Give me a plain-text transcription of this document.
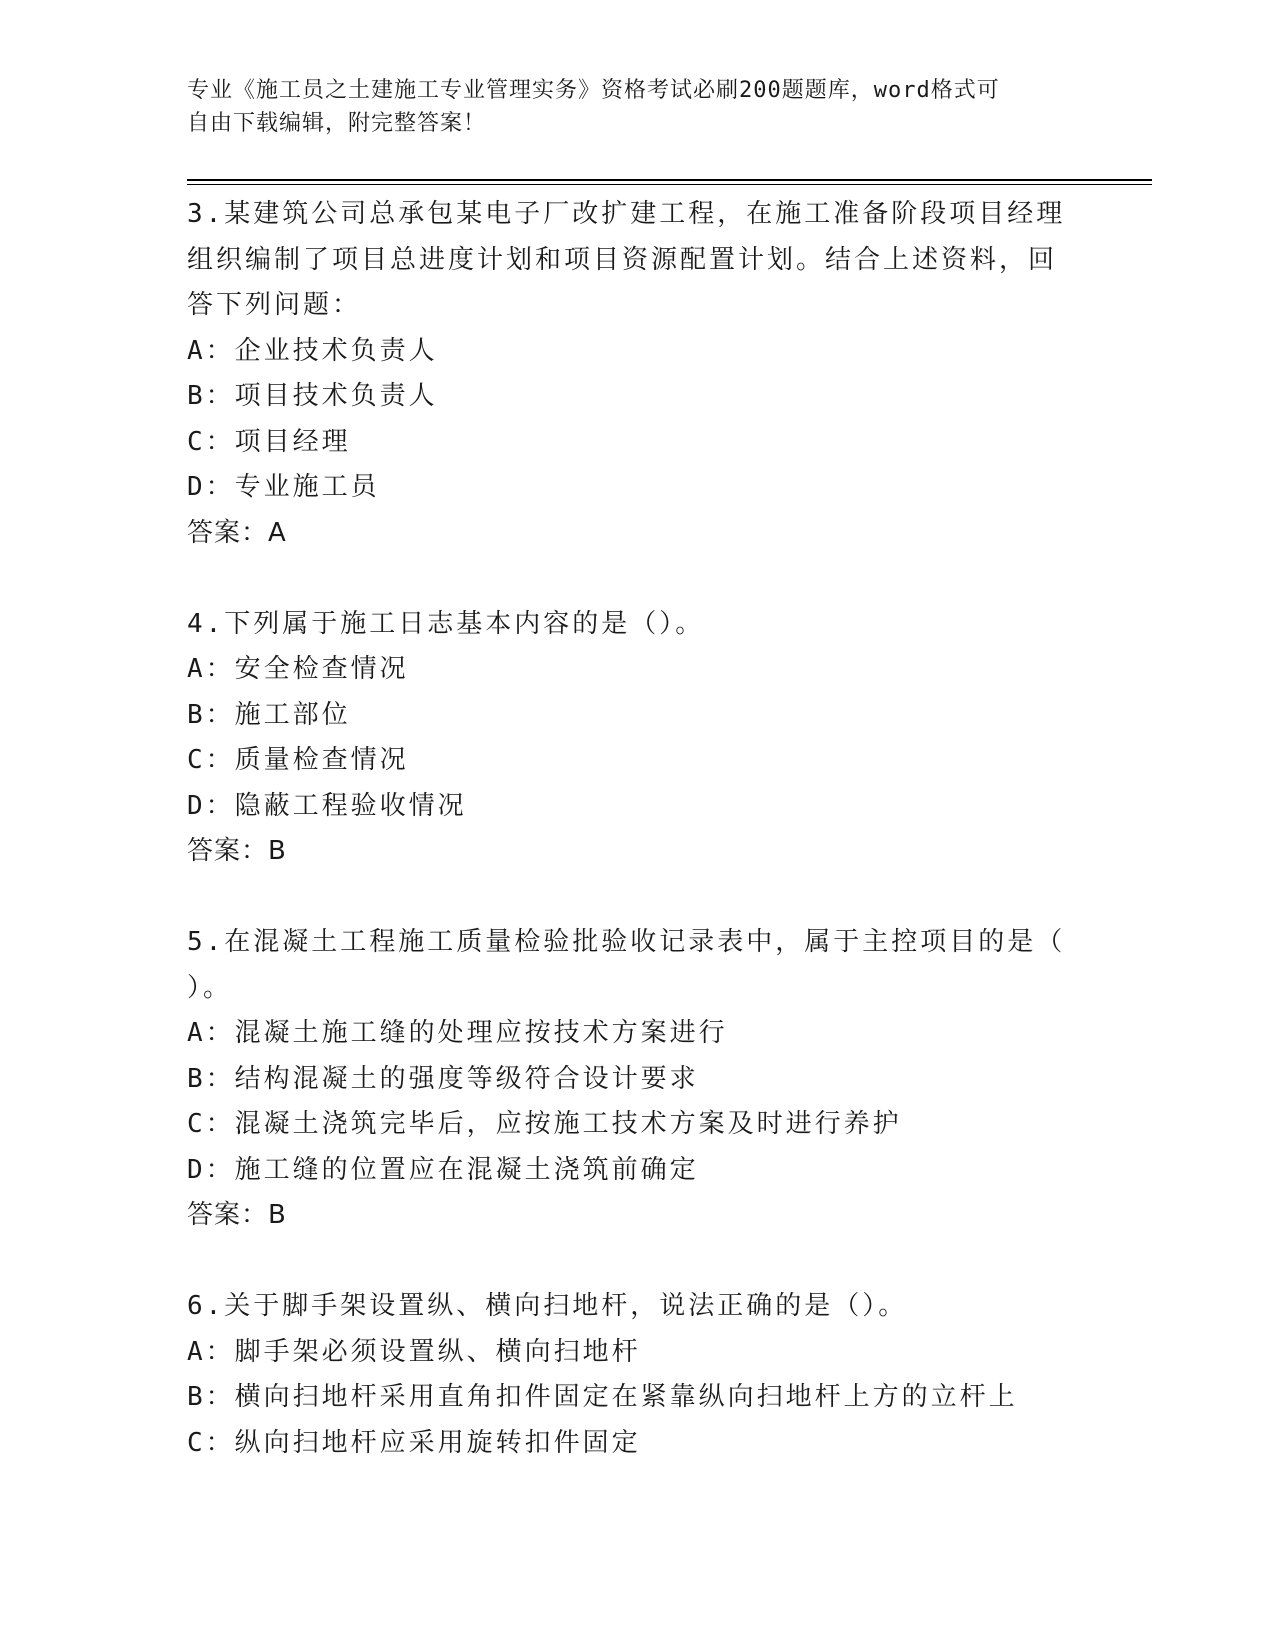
专业《施工员之土建施工专业管理实务》资格考试必刷200题题库，word格式可
自由下载编辑，附完整答案！

3.某建筑公司总承包某电子厂改扩建工程，在施工准备阶段项目经理

组织编制了项目总进度计划和项目资源配置计划。结合上述资料，回

答下列问题：

A：企业技术负责人

B：项目技术负责人

C：项目经理

D：专业施工员

答案：A

4.下列属于施工日志基本内容的是（）。

A：安全检查情况

B：施工部位

C：质量检查情况

D：隐蔽工程验收情况

答案：B

5.在混凝土工程施工质量检验批验收记录表中，属于主控项目的是（

）。

A：混凝土施工缝的处理应按技术方案进行

B：结构混凝土的强度等级符合设计要求

C：混凝土浇筑完毕后，应按施工技术方案及时进行养护

D：施工缝的位置应在混凝土浇筑前确定

答案：B

6.关于脚手架设置纵、横向扫地杆，说法正确的是（）。

A：脚手架必须设置纵、横向扫地杆

B：横向扫地杆采用直角扣件固定在紧靠纵向扫地杆上方的立杆上

C：纵向扫地杆应采用旋转扣件固定
